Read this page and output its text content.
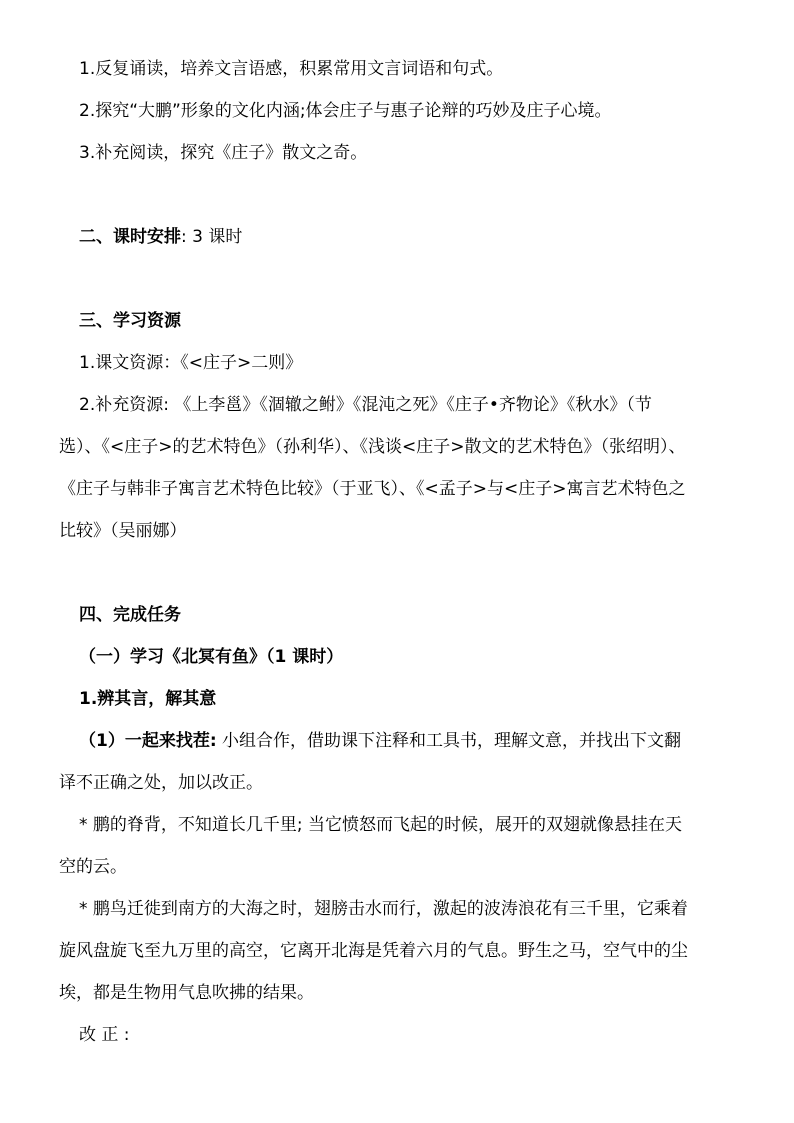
1.反复诵读，培养文言语感，积累常用文言词语和句式。
2.探究“大鹏”形象的文化内涵;体会庄子与惠子论辩的巧妙及庄子心境。
3.补充阅读，探究《庄子》散文之奇。
二、课时安排: 3 课时
三、学习资源
1.课文资源：《<庄子>二则》
2.补充资源: 《上李邕》《涸辙之鲋》《混沌之死》《庄子•齐物论》《秋水》（节
选）、《<庄子>的艺术特色》（孙利华）、《浅谈<庄子>散文的艺术特色》（张绍明）、
《庄子与韩非子寓言艺术特色比较》（于亚飞）、《<孟子>与<庄子>寓言艺术特色之
比较》（吴丽娜）
四、完成任务
（一）学习《北冥有鱼》（1 课时）
1.辨其言，解其意
（1）一起来找茬: 小组合作，借助课下注释和工具书，理解文意，并找出下文翻
译不正确之处，加以改正。
* 鹏的脊背，不知道长几千里; 当它愤怒而飞起的时候，展开的双翅就像悬挂在天
空的云。
* 鹏鸟迁徙到南方的大海之时，翅膀击水而行，激起的波涛浪花有三千里，它乘着
旋风盘旋飞至九万里的高空，它离开北海是凭着六月的气息。野生之马，空气中的尘
埃，都是生物用气息吹拂的结果。
改 正 :
